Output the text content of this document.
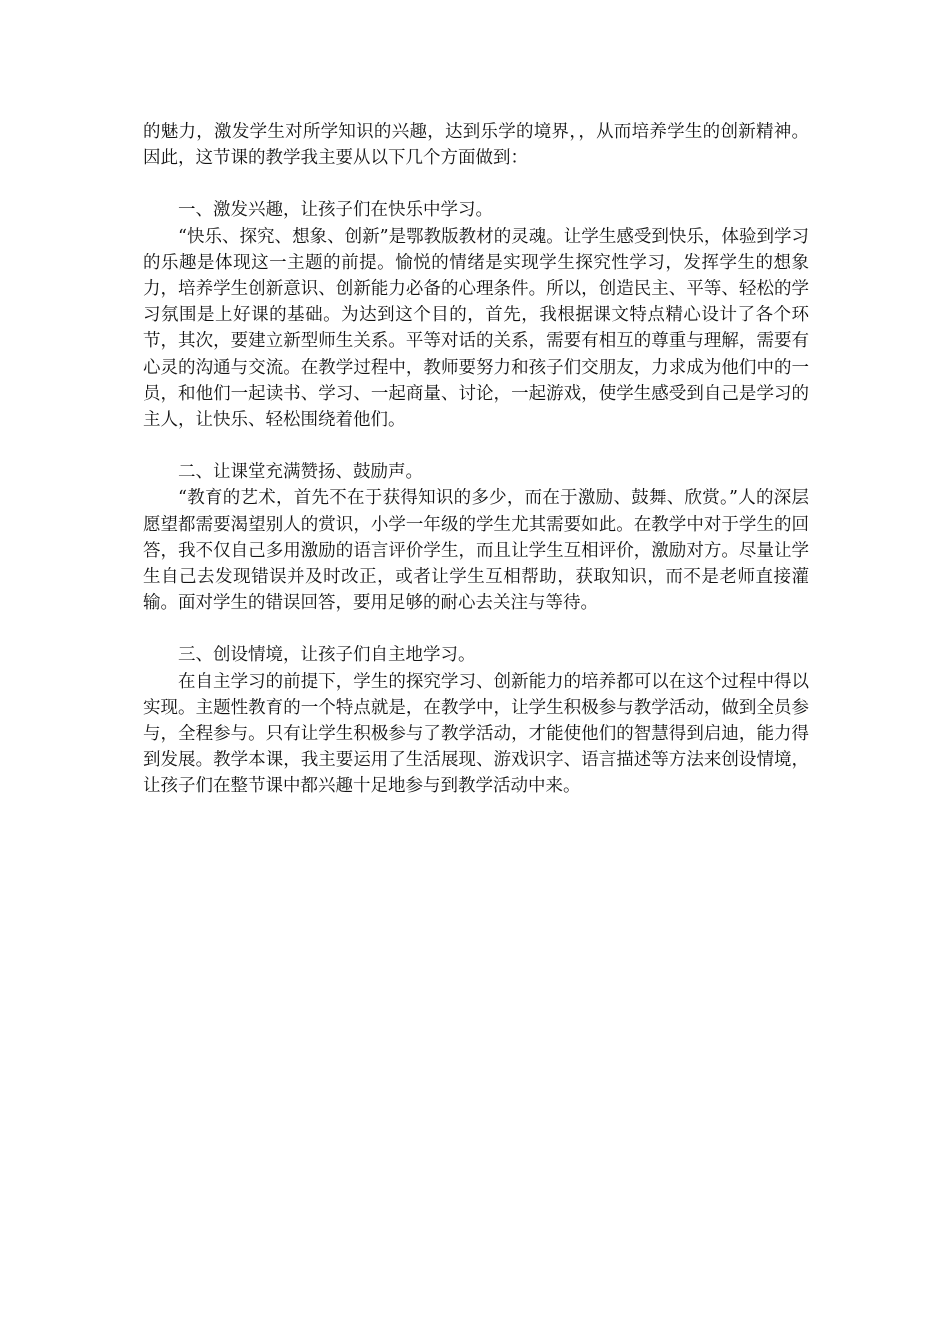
的魅力，激发学生对所学知识的兴趣，达到乐学的境界，，从而培养学生的创新精神。因此，这节课的教学我主要从以下几个方面做到：

一、激发兴趣，让孩子们在快乐中学习。

“快乐、探究、想象、创新”是鄂教版教材的灵魂。让学生感受到快乐，体验到学习的乐趣是体现这一主题的前提。愉悦的情绪是实现学生探究性学习，发挥学生的想象力，培养学生创新意识、创新能力必备的心理条件。所以，创造民主、平等、轻松的学习氛围是上好课的基础。为达到这个目的，首先，我根据课文特点精心设计了各个环节，其次，要建立新型师生关系。平等对话的关系，需要有相互的尊重与理解，需要有心灵的沟通与交流。在教学过程中，教师要努力和孩子们交朋友，力求成为他们中的一员，和他们一起读书、学习、一起商量、讨论，一起游戏，使学生感受到自己是学习的主人，让快乐、轻松围绕着他们。

二、让课堂充满赞扬、鼓励声。

“教育的艺术，首先不在于获得知识的多少，而在于激励、鼓舞、欣赏。”人的深层愿望都需要渴望别人的赏识，小学一年级的学生尤其需要如此。在教学中对于学生的回答，我不仅自己多用激励的语言评价学生，而且让学生互相评价，激励对方。尽量让学生自己去发现错误并及时改正，或者让学生互相帮助，获取知识，而不是老师直接灌输。面对学生的错误回答，要用足够的耐心去关注与等待。

三、创设情境，让孩子们自主地学习。

在自主学习的前提下，学生的探究学习、创新能力的培养都可以在这个过程中得以实现。主题性教育的一个特点就是，在教学中，让学生积极参与教学活动，做到全员参与，全程参与。只有让学生积极参与了教学活动，才能使他们的智慧得到启迪，能力得到发展。教学本课，我主要运用了生活展现、游戏识字、语言描述等方法来创设情境，让孩子们在整节课中都兴趣十足地参与到教学活动中来。
